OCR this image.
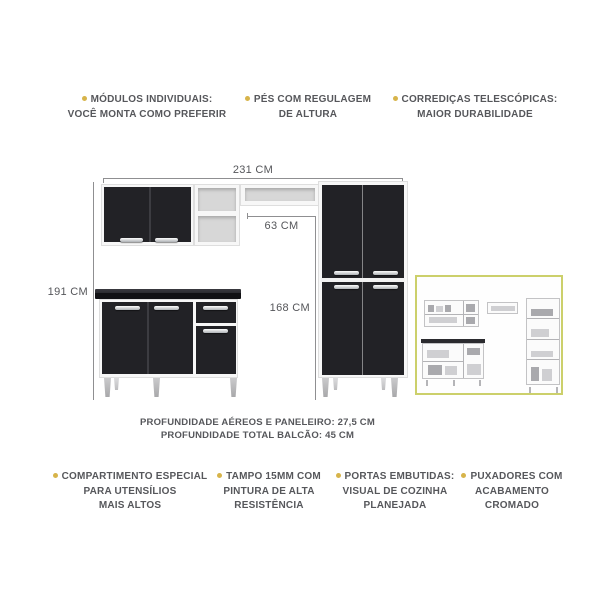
MÓDULOS INDIVIDUAIS:
VOCÊ MONTA COMO PREFERIR
PÉS COM REGULAGEM
DE ALTURA
CORREDIÇAS TELESCÓPICAS:
MAIOR DURABILIDADE
231 CM
191 CM
63 CM
168 CM
PROFUNDIDADE AÉREOS E PANELEIRO: 27,5 CM
PROFUNDIDADE TOTAL BALCÃO: 45 CM
COMPARTIMENTO ESPECIAL
PARA UTENSÍLIOS
MAIS ALTOS
TAMPO 15MM COM
PINTURA DE ALTA
RESISTÊNCIA
PORTAS EMBUTIDAS:
VISUAL DE COZINHA
PLANEJADA
PUXADORES COM
ACABAMENTO
CROMADO
